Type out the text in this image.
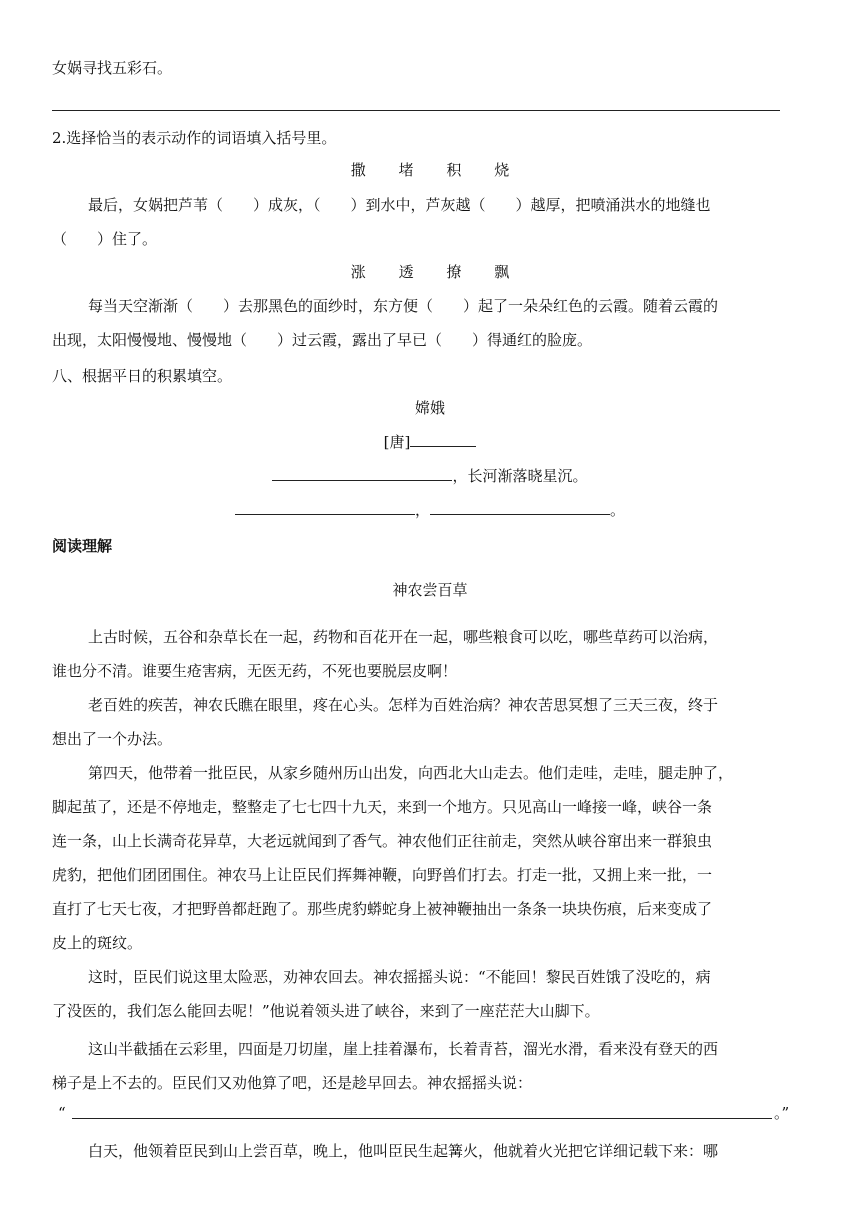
女娲寻找五彩石。
2.选择恰当的表示动作的词语填入括号里。
撒 堵 积 烧
最后，女娲把芦苇（　　）成灰，（　　）到水中，芦灰越（　　）越厚，把喷涌洪水的地缝也
（　　）住了。
涨 透 撩 飘
每当天空渐渐（　　）去那黑色的面纱时，东方便（　　）起了一朵朵红色的云霞。随着云霞的
出现，太阳慢慢地、慢慢地（　　）过云霞，露出了早已（　　）得通红的脸庞。
八、根据平日的积累填空。
嫦娥
[唐]
，长河渐落晓星沉。
，	。
阅读理解
神农尝百草
上古时候，五谷和杂草长在一起，药物和百花开在一起，哪些粮食可以吃，哪些草药可以治病，
谁也分不清。谁要生疮害病，无医无药，不死也要脱层皮啊！
老百姓的疾苦，神农氏瞧在眼里，疼在心头。怎样为百姓治病？神农苦思冥想了三天三夜，终于
想出了一个办法。
第四天，他带着一批臣民，从家乡随州历山出发，向西北大山走去。他们走哇，走哇，腿走肿了，
脚起茧了，还是不停地走，整整走了七七四十九天，来到一个地方。只见高山一峰接一峰，峡谷一条
连一条，山上长满奇花异草，大老远就闻到了香气。神农他们正往前走，突然从峡谷窜出来一群狼虫
虎豹，把他们团团围住。神农马上让臣民们挥舞神鞭，向野兽们打去。打走一批，又拥上来一批，一
直打了七天七夜，才把野兽都赶跑了。那些虎豹蟒蛇身上被神鞭抽出一条条一块块伤痕，后来变成了
皮上的斑纹。
这时，臣民们说这里太险恶，劝神农回去。神农摇摇头说：“不能回！黎民百姓饿了没吃的，病
了没医的，我们怎么能回去呢！”他说着领头进了峡谷，来到了一座茫茫大山脚下。
这山半截插在云彩里，四面是刀切崖，崖上挂着瀑布，长着青苔，溜光水滑，看来没有登天的西
梯子是上不去的。臣民们又劝他算了吧，还是趁早回去。神农摇摇头说：
“	。”
白天，他领着臣民到山上尝百草，晚上，他叫臣民生起篝火，他就着火光把它详细记载下来：哪
